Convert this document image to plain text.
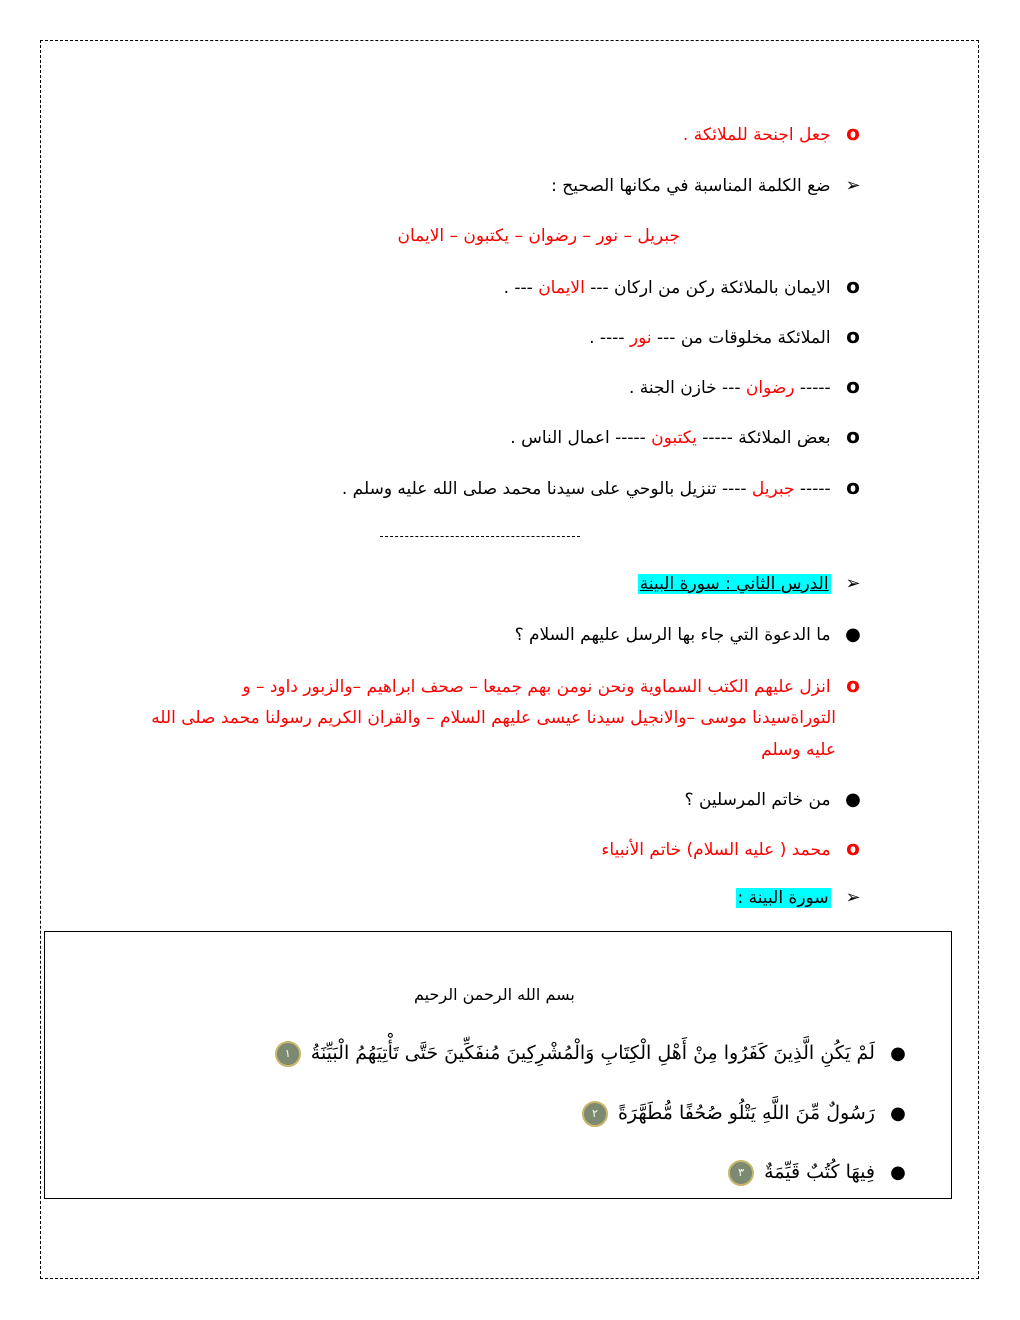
o جعل اجنحة للملائكة .
➢ ضع الكلمة المناسبة في مكانها الصحيح :
جبريل – نور – رضوان – يكتبون – الايمان
o الايمان بالملائكة ركن من اركان --- الايمان --- .
o الملائكة مخلوقات من --- نور ---- .
o ----- رضوان --- خازن الجنة .
o بعض الملائكة ----- يكتبون ----- اعمال الناس .
o ----- جبريل ---- تنزيل بالوحي على سيدنا محمد صلى الله عليه وسلم .
➢ الدرس الثاني : سورة البينة
● ما الدعوة التي جاء بها الرسل عليهم السلام ؟
o انزل عليهم الكتب السماوية ونحن نومن بهم جميعا – صحف ابراهيم –والزبور داود – و
التوراةسيدنا موسى –والانجيل سيدنا عيسى عليهم السلام – والقران الكريم رسولنا محمد صلى الله
عليه وسلم
● من خاتم المرسلين ؟
o محمد ( عليه السلام) خاتم الأنبياء
➢ سورة البينة :
بسم الله الرحمن الرحيم
● لَمْ يَكُنِ الَّذِينَ كَفَرُوا مِنْ أَهْلِ الْكِتَابِ وَالْمُشْرِكِينَ مُنفَكِّينَ حَتَّى تَأْتِيَهُمُ الْبَيِّنَةُ ١
● رَسُولٌ مِّنَ اللَّهِ يَتْلُو صُحُفًا مُّطَهَّرَةً ٢
● فِيهَا كُتُبٌ قَيِّمَةٌ ٣
